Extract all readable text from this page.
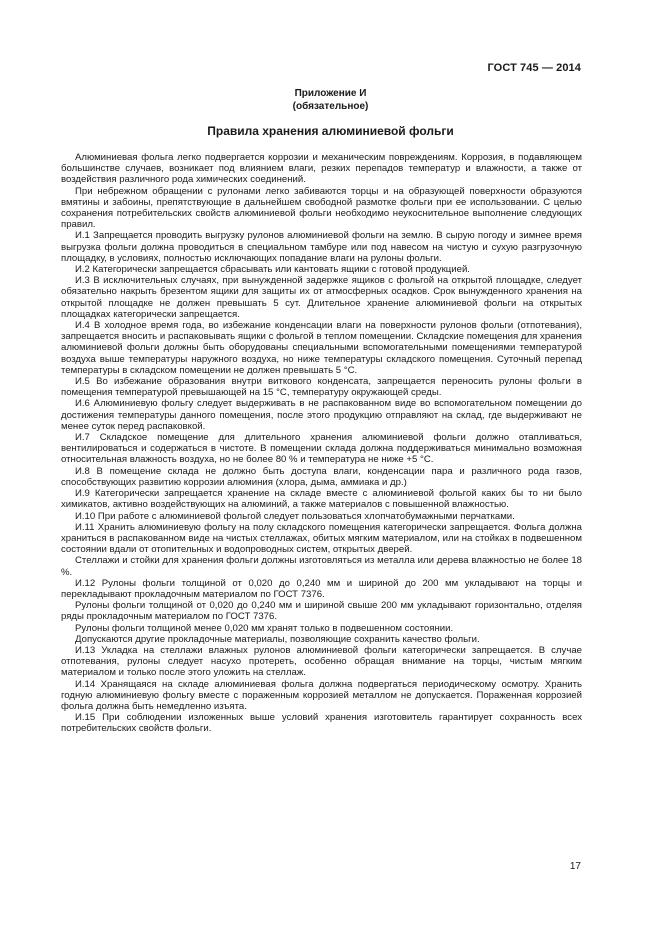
ГОСТ 745 — 2014
Приложение И
(обязательное)
Правила хранения алюминиевой фольги

Алюминиевая фольга легко подвергается коррозии и механическим повреждениям. Коррозия, в подавляющем большинстве случаев, возникает под влиянием влаги, резких перепадов температур и влажности, а также от воздействия различного рода химических соединений.

При небрежном обращении с рулонами легко забиваются торцы и на образующей поверхности образуются вмятины и забоины, препятствующие в дальнейшем свободной размотке фольги при ее использовании. С целью сохранения потребительских свойств алюминиевой фольги необходимо неукоснительное выполнение следующих правил.

И.1 Запрещается проводить выгрузку рулонов алюминиевой фольги на землю. В сырую погоду и зимнее время выгрузка фольги должна проводиться в специальном тамбуре или под навесом на чистую и сухую разгрузочную площадку, в условиях, полностью исключающих попадание влаги на рулоны фольги.

И.2 Категорически запрещается сбрасывать или кантовать ящики с готовой продукцией.

И.3 В исключительных случаях, при вынужденной задержке ящиков с фольгой на открытой площадке, следует обязательно накрыть брезентом ящики для защиты их от атмосферных осадков. Срок вынужденного хранения на открытой площадке не должен превышать 5 сут. Длительное хранение алюминиевой фольги на открытых площадках категорически запрещается.

И.4 В холодное время года, во избежание конденсации влаги на поверхности рулонов фольги (отпотевания), запрещается вносить и распаковывать ящики с фольгой в теплом помещении. Складские помещения для хранения алюминиевой фольги должны быть оборудованы специальными вспомогательными помещениями температурой воздуха выше температуры наружного воздуха, но ниже температуры складского помещения. Суточный перепад температуры в складском помещении не должен превышать 5 °С.

И.5 Во избежание образования внутри виткового конденсата, запрещается переносить рулоны фольги в помещения температурой превышающей на 15 °С, температуру окружающей среды.

И.6 Алюминиевую фольгу следует выдерживать в не распакованном виде во вспомогательном помещении до достижения температуры данного помещения, после этого продукцию отправляют на склад, где выдерживают не менее суток перед распаковкой.

И.7 Складское помещение для длительного хранения алюминиевой фольги должно отапливаться, вентилироваться и содержаться в чистоте. В помещении склада должна поддерживаться минимально возможная относительная влажность воздуха, но не более 80 % и температура не ниже +5 °С.

И.8 В помещение склада не должно быть доступа влаги, конденсации пара и различного рода газов, способствующих развитию коррозии алюминия (хлора, дыма, аммиака и др.)

И.9 Категорически запрещается хранение на складе вместе с алюминиевой фольгой каких бы то ни было химикатов, активно воздействующих на алюминий, а также материалов с повышенной влажностью.

И.10 При работе с алюминиевой фольгой следует пользоваться хлопчатобумажными перчатками.

И.11 Хранить алюминиевую фольгу на полу складского помещения категорически запрещается. Фольга должна храниться в распакованном виде на чистых стеллажах, обитых мягким материалом, или на стойках в подвешенном состоянии вдали от отопительных и водопроводных систем, открытых дверей.

Стеллажи и стойки для хранения фольги должны изготовляться из металла или дерева влажностью не более 18 %.

И.12 Рулоны фольги толщиной от 0,020 до 0,240 мм и шириной до 200 мм укладывают на торцы и перекладывают прокладочным материалом по ГОСТ 7376.

Рулоны фольги толщиной от 0,020 до 0,240 мм и шириной свыше 200 мм укладывают горизонтально, отделяя ряды прокладочным материалом по ГОСТ 7376.

Рулоны фольги толщиной менее 0,020 мм хранят только в подвешенном состоянии.

Допускаются другие прокладочные материалы, позволяющие сохранить качество фольги.

И.13 Укладка на стеллажи влажных рулонов алюминиевой фольги категорически запрещается. В случае отпотевания, рулоны следует насухо протереть, особенно обращая внимание на торцы, чистым мягким материалом и только после этого уложить на стеллаж.

И.14 Хранящаяся на складе алюминиевая фольга должна подвергаться периодическому осмотру. Хранить годную алюминиевую фольгу вместе с пораженным коррозией металлом не допускается. Пораженная коррозией фольга должна быть немедленно изъята.

И.15 При соблюдении изложенных выше условий хранения изготовитель гарантирует сохранность всех потребительских свойств фольги.

17
